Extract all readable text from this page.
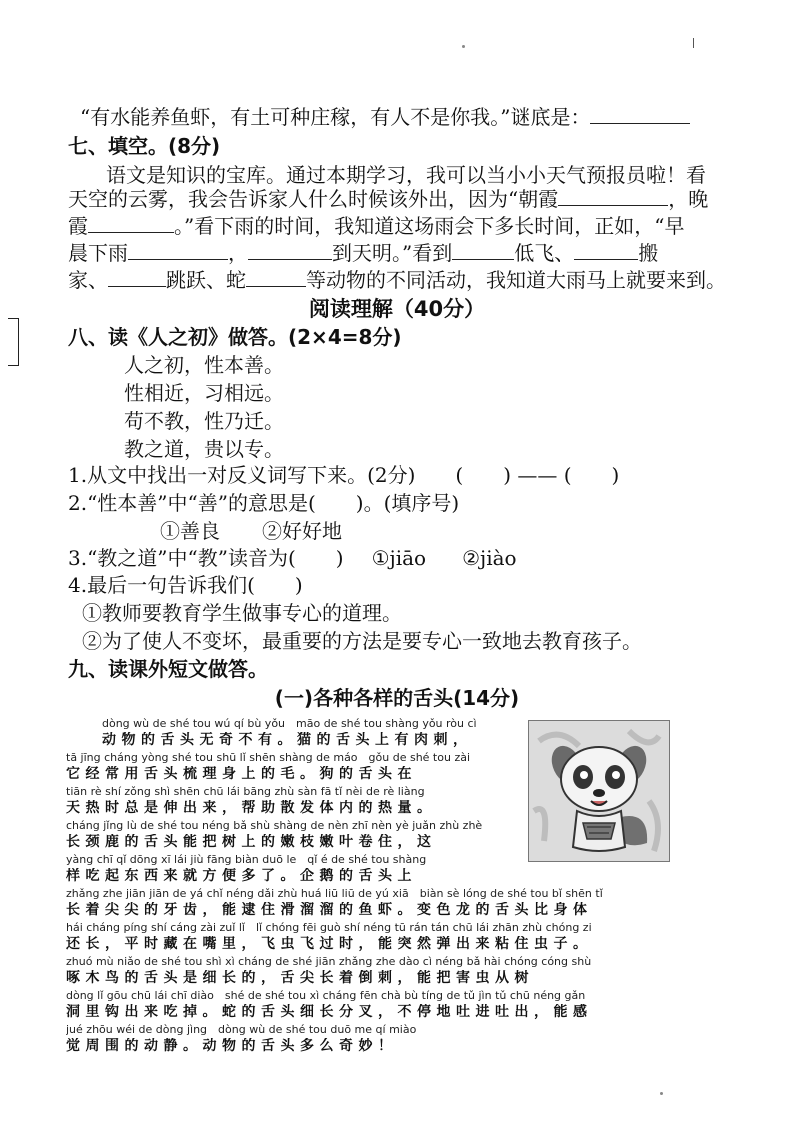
“有水能养鱼虾，有土可种庄稼，有人不是你我。”谜底是：
七、填空。(8分)
语文是知识的宝库。通过本期学习，我可以当小小天气预报员啦！看
天空的云雾，我会告诉家人什么时候该外出，因为“朝霞	，晚
霞	。”看下雨的时间，我知道这场雨会下多长时间，正如，“早
晨下雨	，	到天明。”看到	低飞、	搬
家、	跳跃、蛇	等动物的不同活动，我知道大雨马上就要来到。
阅读理解（40分）
八、读《人之初》做答。(2×4=8分)
人之初，性本善。
性相近，习相远。
苟不教，性乃迁。
教之道，贵以专。
1.从文中找出一对反义词写下来。(2分)　　(　　) —— (　　)
2.“性本善”中“善”的意思是(　　)。(填序号)
①善良 ②好好地
3.“教之道”中“教”读音为(　　) ①jiāo ②jiào
4.最后一句告诉我们(　　)
①教师要教育学生做事专心的道理。
②为了使人不变坏，最重要的方法是要专心一致地去教育孩子。
九、读课外短文做答。
(一)各种各样的舌头(14分)
dòng wù de shé tou wú qí bù yǒu　māo de shé tou shàng yǒu ròu cì
动物的舌头无奇不有。猫的舌头上有肉刺，
tā jīng cháng yòng shé tou shū lǐ shēn shàng de máo　gǒu de shé tou zài
它经常用舌头梳理身上的毛。狗的舌头在
tiān rè shí zǒng shì shēn chū lái bāng zhù sàn fā tǐ nèi de rè liàng
天热时总是伸出来，帮助散发体内的热量。
cháng jǐng lù de shé tou néng bǎ shù shàng de nèn zhī nèn yè juǎn zhù zhè
长颈鹿的舌头能把树上的嫩枝嫩叶卷住，这
yàng chī qǐ dōng xī lái jiù fāng biàn duō le　qǐ é de shé tou shàng
样吃起东西来就方便多了。企鹅的舌头上
zhǎng zhe jiān jiān de yá chǐ néng dǎi zhù huá liū liū de yú xiā　biàn sè lóng de shé tou bǐ shēn tǐ
长着尖尖的牙齿，能逮住滑溜溜的鱼虾。变色龙的舌头比身体
hái cháng píng shí cáng zài zuǐ lǐ　lǐ chóng fēi guò shí néng tū rán tán chū lái zhān zhù chóng zi
还长，平时藏在嘴里，飞虫飞过时，能突然弹出来粘住虫子。
zhuó mù niǎo de shé tou shì xì cháng de shé jiān zhǎng zhe dào cì néng bǎ hài chóng cóng shù
啄木鸟的舌头是细长的，舌尖长着倒刺，能把害虫从树
dòng lǐ gōu chū lái chī diào　shé de shé tou xì cháng fēn chà bù tíng de tǔ jìn tǔ chū néng gǎn
洞里钩出来吃掉。蛇的舌头细长分叉，不停地吐进吐出，能感
jué zhōu wéi de dòng jìng　dòng wù de shé tou duō me qí miào
觉周围的动静。动物的舌头多么奇妙！
